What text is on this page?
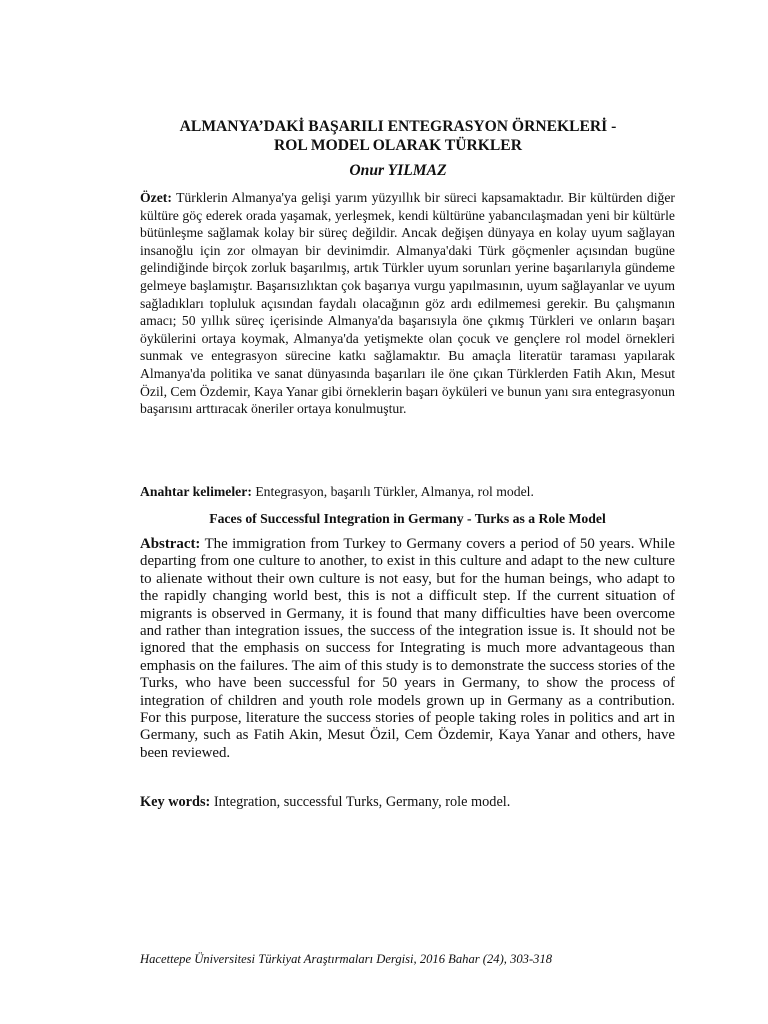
ALMANYA’DAKİ BAŞARILI ENTEGRASYON ÖRNEKLERİ -
ROL MODEL OLARAK TÜRKLER
Onur YILMAZ

Özet: Türklerin Almanya'ya gelişi yarım yüzyıllık bir süreci kapsamaktadır. Bir kültürden diğer kültüre göç ederek orada yaşamak, yerleşmek, kendi kültürüne yabancılaşmadan yeni bir kültürle bütünleşme sağlamak kolay bir süreç değildir. Ancak değişen dünyaya en kolay uyum sağlayan insanoğlu için zor olmayan bir devinimdir. Almanya'daki Türk göçmenler açısından bugüne gelindiğinde birçok zorluk başarılmış, artık Türkler uyum sorunları yerine başarılarıyla gündeme gelmeye başlamıştır. Başarısızlıktan çok başarıya vurgu yapılmasının, uyum sağlayanlar ve uyum sağladıkları topluluk açısından faydalı olacağının göz ardı edilmemesi gerekir. Bu çalışmanın amacı; 50 yıllık süreç içerisinde Almanya'da başarısıyla öne çıkmış Türkleri ve onların başarı öykülerini ortaya koymak, Almanya'da yetişmekte olan çocuk ve gençlere rol model örnekleri sunmak ve entegrasyon sürecine katkı sağlamaktır. Bu amaçla literatür taraması yapılarak Almanya'da politika ve sanat dünyasında başarıları ile öne çıkan Türklerden Fatih Akın, Mesut Özil, Cem Özdemir, Kaya Yanar gibi örneklerin başarı öyküleri ve bunun yanı sıra entegrasyonun başarısını arttıracak öneriler ortaya konulmuştur.

Anahtar kelimeler: Entegrasyon, başarılı Türkler, Almanya, rol model.

Faces of Successful Integration in Germany - Turks as a Role Model

Abstract: The immigration from Turkey to Germany covers a period of 50 years. While departing from one culture to another, to exist in this culture and adapt to the new culture to alienate without their own culture is not easy, but for the human beings, who adapt to the rapidly changing world best, this is not a difficult step. If the current situation of migrants is observed in Germany, it is found that many difficulties have been overcome and rather than integration issues, the success of the integration issue is. It should not be ignored that the emphasis on success for Integrating is much more advantageous than emphasis on the failures. The aim of this study is to demonstrate the success stories of the Turks, who have been successful for 50 years in Germany, to show the process of integration of children and youth role models grown up in Germany as a contribution. For this purpose, literature the success stories of people taking roles in politics and art in Germany, such as Fatih Akin, Mesut Özil, Cem Özdemir, Kaya Yanar and others, have been reviewed.

Key words: Integration, successful Turks, Germany, role model.

Hacettepe Üniversitesi Türkiyat Araştırmaları Dergisi, 2016 Bahar (24), 303-318
